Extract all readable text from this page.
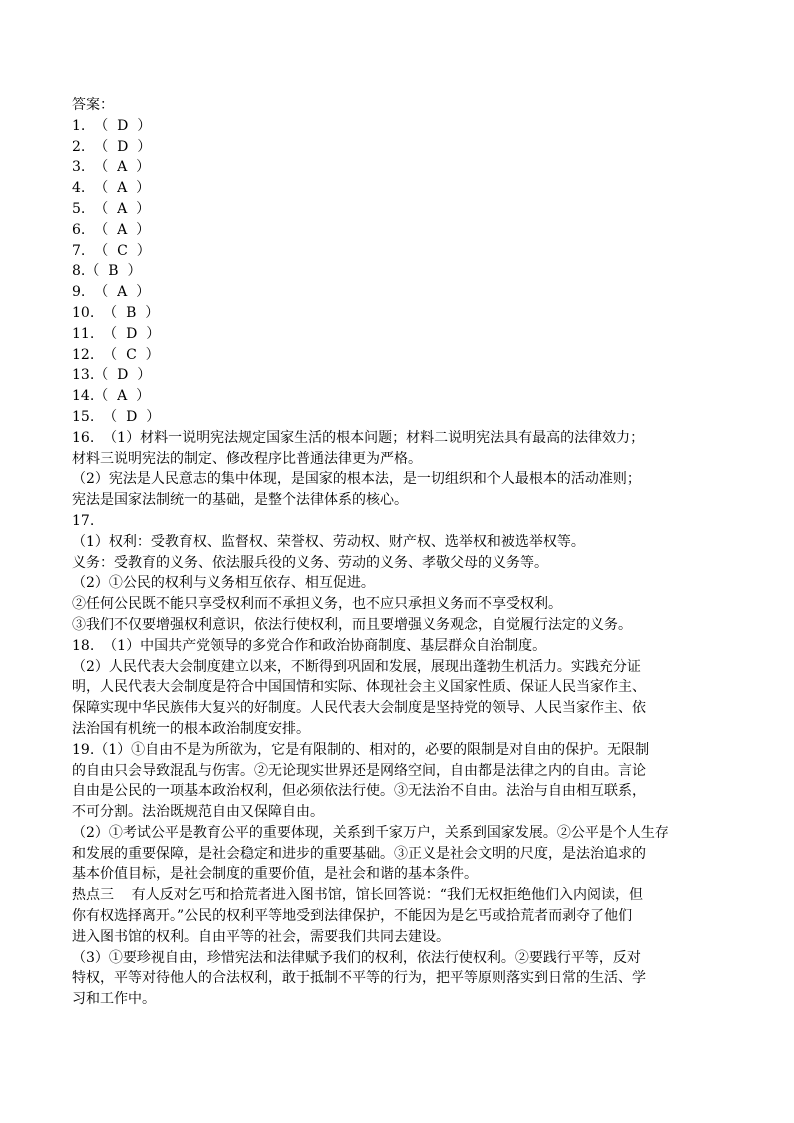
答案：
1.  （  D  ）
2.  （  D  ）
3.  （  A  ）
4.  （  A  ）
5.  （  A  ）
6.  （  A  ）
7.  （  C  ）
8.（  B  ）
9.  （  A  ）
10.  （  B  ）
11.  （  D  ）
12.  （  C  ）
13.（  D  ）
14.（  A  ）
15.  （  D  ）
16.  （1）材料一说明宪法规定国家生活的根本问题；材料二说明宪法具有最高的法律效力；
材料三说明宪法的制定、修改程序比普通法律更为严格。
（2）宪法是人民意志的集中体现，是国家的根本法，是一切组织和个人最根本的活动准则；
宪法是国家法制统一的基础，是整个法律体系的核心。
17.
（1）权利：受教育权、监督权、荣誉权、劳动权、财产权、选举权和被选举权等。
义务：受教育的义务、依法服兵役的义务、劳动的义务、孝敬父母的义务等。
（2）①公民的权利与义务相互依存、相互促进。
②任何公民既不能只享受权利而不承担义务，也不应只承担义务而不享受权利。
③我们不仅要增强权利意识，依法行使权利，而且要增强义务观念，自觉履行法定的义务。
18.  （1）中国共产党领导的多党合作和政治协商制度、基层群众自治制度。
（2）人民代表大会制度建立以来，不断得到巩固和发展，展现出蓬勃生机活力。实践充分证
明，人民代表大会制度是符合中国国情和实际、体现社会主义国家性质、保证人民当家作主、
保障实现中华民族伟大复兴的好制度。人民代表大会制度是坚持党的领导、人民当家作主、依
法治国有机统一的根本政治制度安排。
19.（1）①自由不是为所欲为，它是有限制的、相对的，必要的限制是对自由的保护。无限制
的自由只会导致混乱与伤害。②无论现实世界还是网络空间，自由都是法律之内的自由。言论
自由是公民的一项基本政治权利，但必须依法行使。③无法治不自由。法治与自由相互联系，
不可分割。法治既规范自由又保障自由。
（2）①考试公平是教育公平的重要体现，关系到千家万户，关系到国家发展。②公平是个人生存
和发展的重要保障，是社会稳定和进步的重要基础。③正义是社会文明的尺度，是法治追求的
基本价值目标，是社会制度的重要价值，是社会和谐的基本条件。
热点三    有人反对乞丐和拾荒者进入图书馆，馆长回答说：“我们无权拒绝他们入内阅读，但
你有权选择离开。”公民的权利平等地受到法律保护，不能因为是乞丐或拾荒者而剥夺了他们
进入图书馆的权利。自由平等的社会，需要我们共同去建设。
（3）①要珍视自由，珍惜宪法和法律赋予我们的权利，依法行使权利。②要践行平等，反对
特权，平等对待他人的合法权利，敢于抵制不平等的行为，把平等原则落实到日常的生活、学
习和工作中。
